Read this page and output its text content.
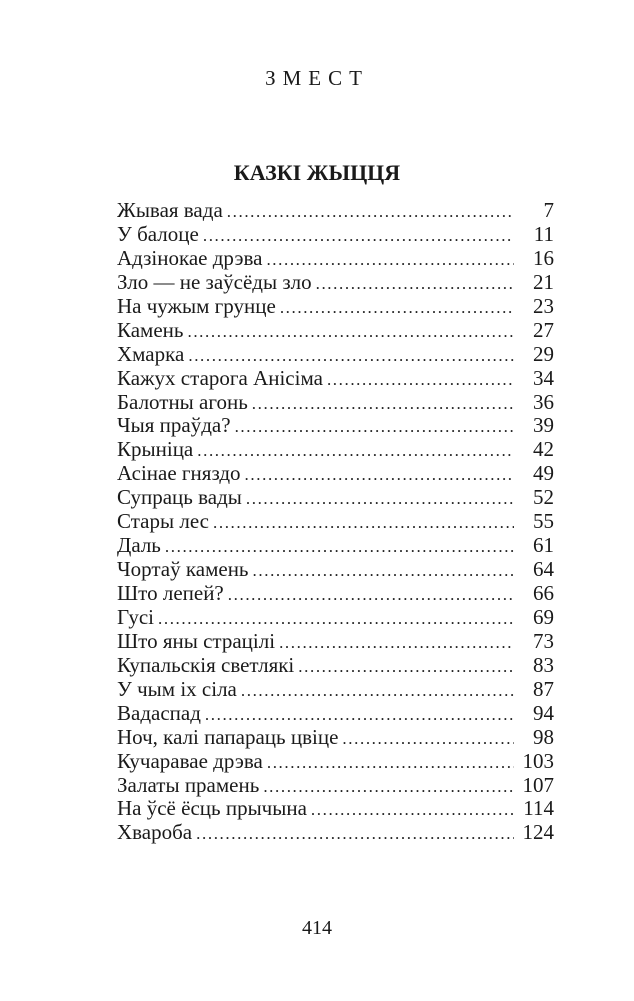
ЗМЕСТ
КАЗКІ ЖЫЦЦЯ
Жывая вада .....	7
У балоце .....	11
Адзінокае дрэва .....	16
Зло — не заўсёды зло .....	21
На чужым грунце .....	23
Камень .....	27
Хмарка .....	29
Кажух старога Анісіма .....	34
Балотны агонь .....	36
Чыя праўда? .....	39
Крыніца .....	42
Асінае гняздо .....	49
Супраць вады .....	52
Стары лес .....	55
Даль .....	61
Чортаў камень .....	64
Што лепей? .....	66
Гусі .....	69
Што яны страцілі .....	73
Купальскія светлякі .....	83
У чым іх сіла .....	87
Вадаспад .....	94
Ноч, калі папараць цвіце .....	98
Кучаравае дрэва .....	103
Залаты прамень .....	107
На ўсё ёсць прычына .....	114
Хвароба .....	124
414
